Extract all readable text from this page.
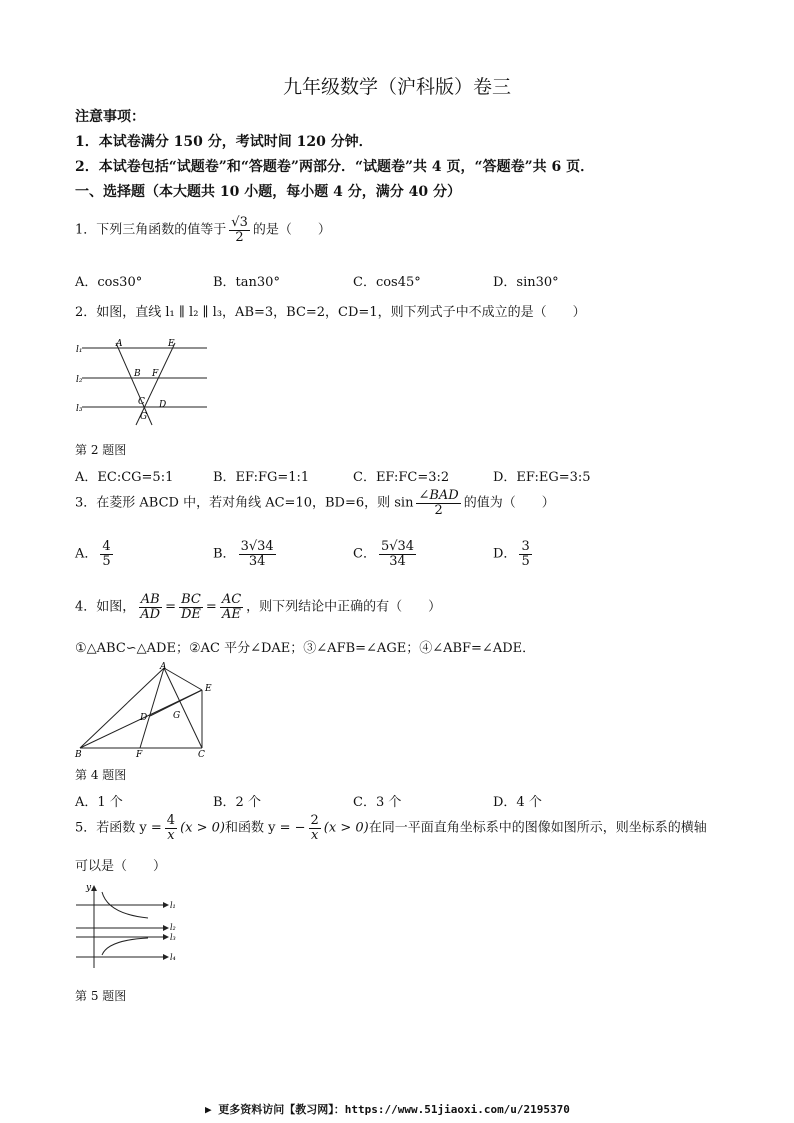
九年级数学（沪科版）卷三
注意事项：
1．本试卷满分 150 分，考试时间 120 分钟．
2．本试卷包括“试题卷”和“答题卷”两部分．“试题卷”共 4 页，“答题卷”共 6 页．
一、选择题（本大题共 10 小题，每小题 4 分，满分 40 分）
1．下列三角函数的值等于 $\frac{√3}{2}$ 的是（　　）
A．cos30°	B．tan30°	C．cos45°	D．sin30°
2．如图，直线 l₁ ∥ l₂ ∥ l₃，AB=3，BC=2，CD=1，则下列式子中不成立的是（　　）
l₁
l₂
l₃
A	E
B F
C D
G
第 2 题图
A．EC:CG=5:1	B．EF:FG=1:1	C．EF:FC=3:2	D．EF:EG=3:5
3．在菱形 ABCD 中，若对角线 AC=10，BD=6，则 $\sin \frac{\text{∠BAD}}{2}$ 的值为（　　）
A． $\frac{4}{5}$	B． $\frac{3√34}{34}$	C． $\frac{5√34}{34}$	D． $\frac{3}{5}$
4．如图， $\frac{AB}{AD} = \frac{BC}{DE} = \frac{AC}{AE}$ ，则下列结论中正确的有（　　）
①△ABC∽△ADE；②AC 平分∠DAE；③∠AFB=∠AGE；④∠ABF=∠ADE．
A
E
G
D
B	F	C
第 4 题图
A．1 个	B．2 个	C．3 个	D．4 个
5．若函数 $y = \frac{4}{x} (x > 0)$和函数 y = − $\frac{2}{x} (x > 0)$在同一平面直角坐标系中的图像如图所示，则坐标系的横轴
可以是（　　）
y
l₁
l₂
l₃
l₄
第 5 题图
▶ 更多资料访问【教习网】：https://www.51jiaoxi.com/u/2195370
